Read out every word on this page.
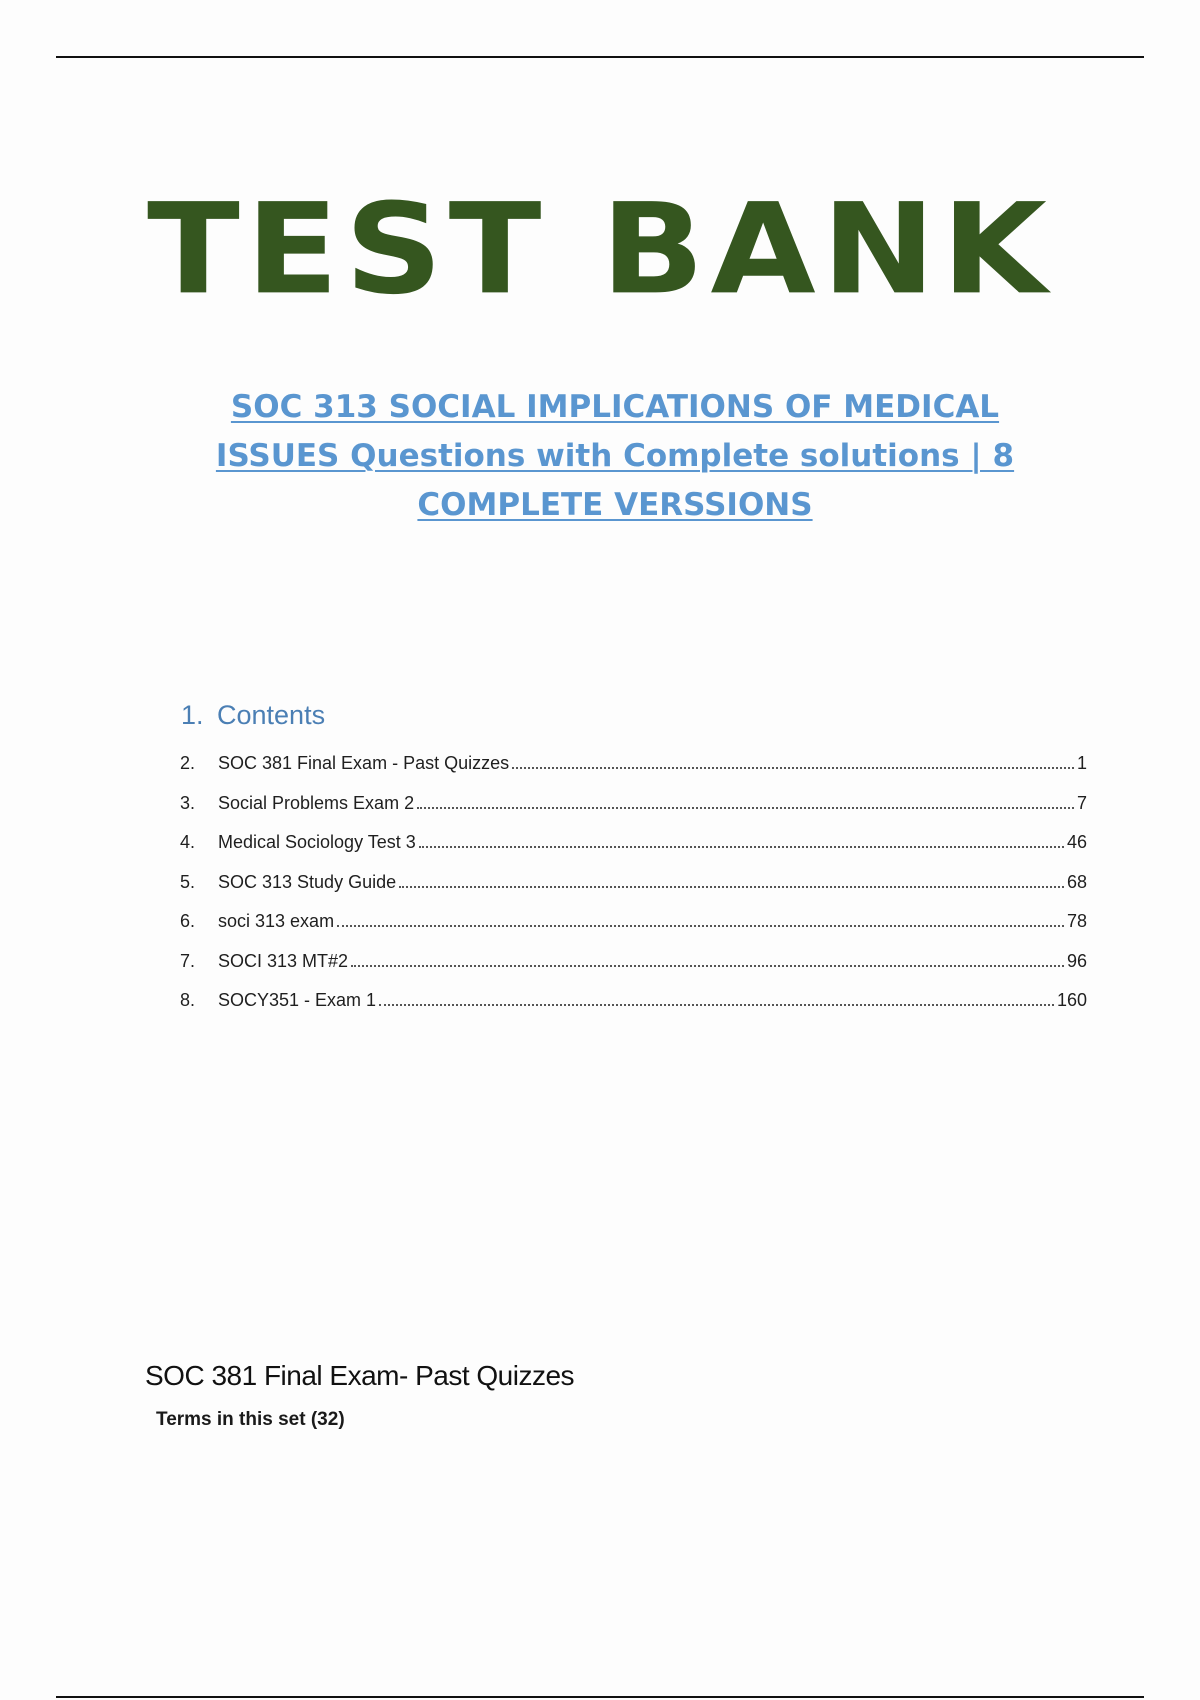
TEST BANK
SOC 313 SOCIAL IMPLICATIONS OF MEDICAL ISSUES Questions with Complete solutions | 8 COMPLETE VERSSIONS
1. Contents
2.	SOC 381 Final Exam - Past Quizzes	1
3.	Social Problems Exam 2	7
4.	Medical Sociology Test 3	46
5.	SOC 313 Study Guide	68
6.	soci 313 exam	78
7.	SOCI 313 MT#2	96
8.	SOCY351 - Exam 1	160
SOC 381 Final Exam- Past Quizzes
Terms in this set (32)
